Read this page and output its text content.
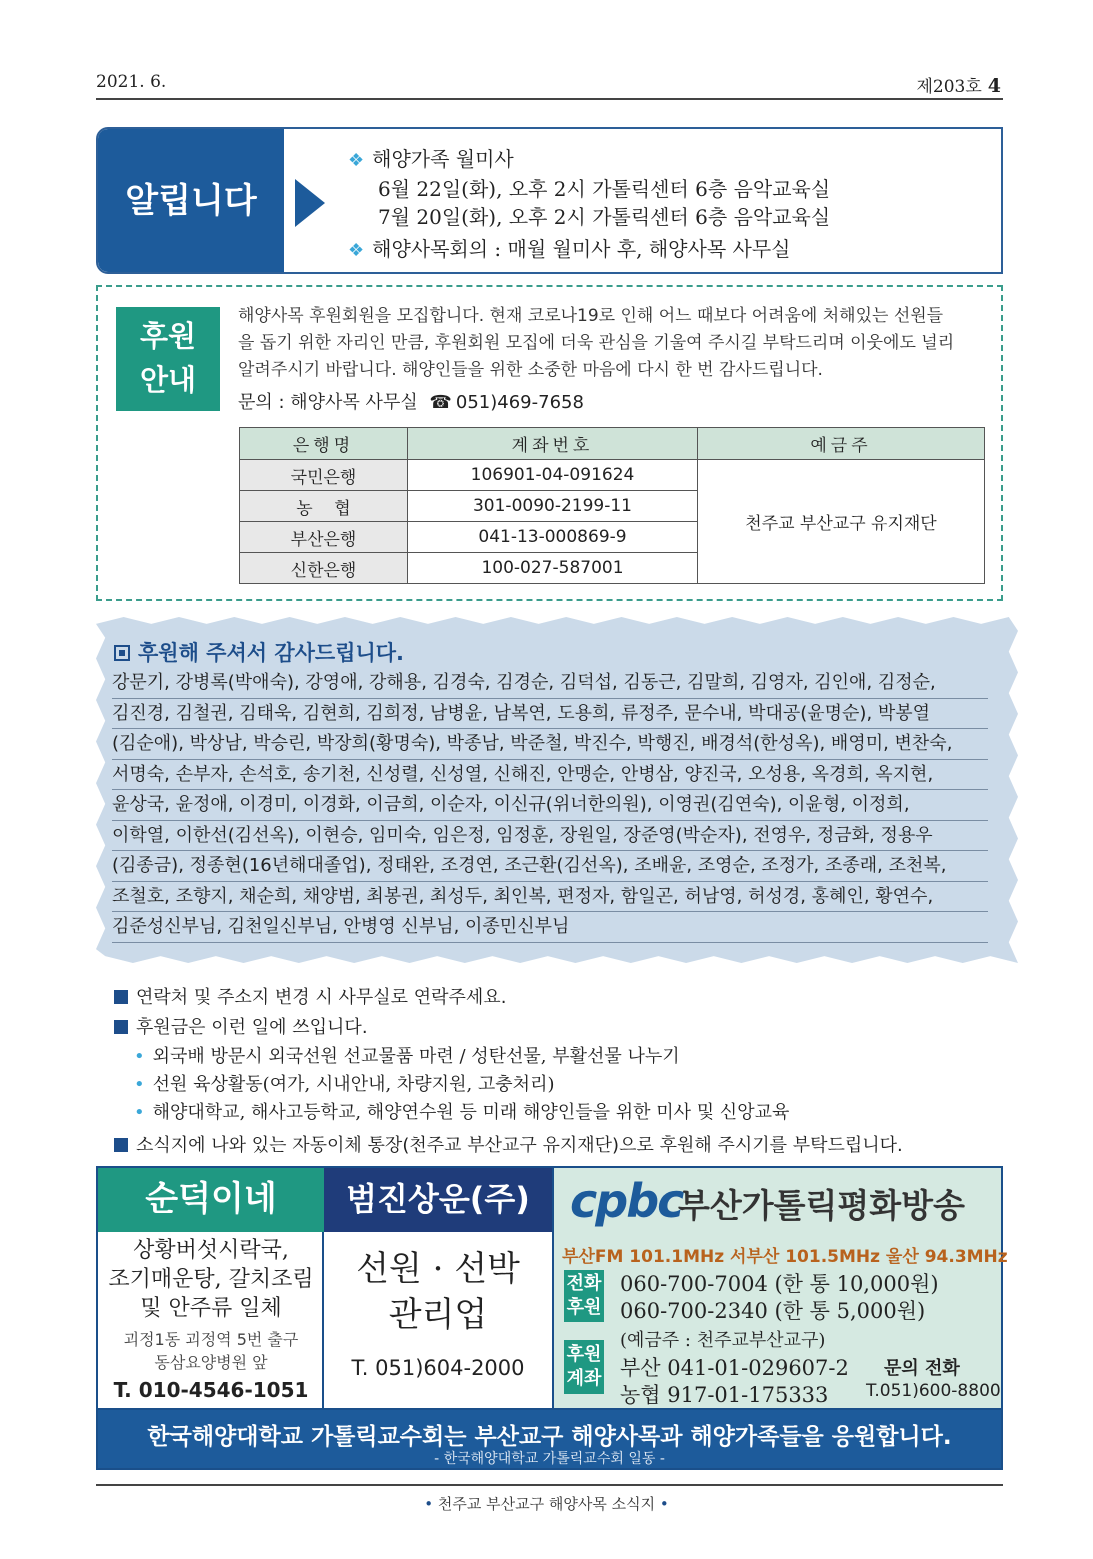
2021. 6.	제203호 4
알립니다
❖ 해양가족 월미사
6월 22일(화), 오후 2시 가톨릭센터 6층 음악교육실
7월 20일(화), 오후 2시 가톨릭센터 6층 음악교육실
❖ 해양사목회의 : 매월 월미사 후, 해양사목 사무실
후원
안내
해양사목 후원회원을 모집합니다. 현재 코로나19로 인해 어느 때보다 어려움에 처해있는 선원들
을 돕기 위한 자리인 만큼, 후원회원 모집에 더욱 관심을 기울여 주시길 부탁드리며 이웃에도 널리
알려주시기 바랍니다. 해양인들을 위한 소중한 마음에 다시 한 번 감사드립니다.
문의 : 해양사목 사무실 ☎ 051)469-7658
은행명	계좌번호	예금주
국민은행	106901-04-091624	천주교 부산교구 유지재단
농    협	301-0090-2199-11	
부산은행	041-13-000869-9	
신한은행	100-027-587001	
후원해 주셔서 감사드립니다.
강문기, 강병록(박애숙), 강영애, 강해용, 김경숙, 김경순, 김덕섭, 김동근, 김말희, 김영자, 김인애, 김정순,
김진경, 김철권, 김태욱, 김현희, 김희정, 남병윤, 남복연, 도용희, 류정주, 문수내, 박대공(윤명순), 박봉열
(김순애), 박상남, 박승린, 박장희(황명숙), 박종남, 박준철, 박진수, 박행진, 배경석(한성옥), 배영미, 변찬숙,
서명숙, 손부자, 손석호, 송기천, 신성렬, 신성열, 신해진, 안맹순, 안병삼, 양진국, 오성용, 옥경희, 옥지현,
윤상국, 윤정애, 이경미, 이경화, 이금희, 이순자, 이신규(위너한의원), 이영권(김연숙), 이윤형, 이정희,
이학열, 이한선(김선옥), 이현승, 임미숙, 임은정, 임정훈, 장원일, 장준영(박순자), 전영우, 정금화, 정용우
(김종금), 정종현(16년해대졸업), 정태완, 조경연, 조근환(김선옥), 조배윤, 조영순, 조정가, 조종래, 조천복,
조철호, 조향지, 채순희, 채양범, 최봉권, 최성두, 최인복, 편정자, 함일곤, 허남영, 허성경, 홍혜인, 황연수,
김준성신부님, 김천일신부님, 안병영 신부님, 이종민신부님
연락처 및 주소지 변경 시 사무실로 연락주세요.
후원금은 이런 일에 쓰입니다.
• 외국배 방문시 외국선원 선교물품 마련 / 성탄선물, 부활선물 나누기
• 선원 육상활동(여가, 시내안내, 차량지원, 고충처리)
• 해양대학교, 해사고등학교, 해양연수원 등 미래 해양인들을 위한 미사 및 신앙교육
소식지에 나와 있는 자동이체 통장(천주교 부산교구 유지재단)으로 후원해 주시기를 부탁드립니다.
순덕이네
상황버섯시락국,
조기매운탕, 갈치조림
및 안주류 일체
괴정1동 괴정역 5번 출구
동삼요양병원 앞
T. 010-4546-1051
범진상운(주)
선원 · 선박
관리업
T. 051)604-2000
cpbc
부산가톨릭평화방송
부산FM 101.1MHz 서부산 101.5MHz 울산 94.3MHz
전화
후원
060-700-7004 (한 통 10,000원)
060-700-2340 (한 통 5,000원)
후원
계좌
(예금주 : 천주교부산교구)
부산 041-01-029607-2
농협 917-01-175333
문의 전화
T.051)600-8800
한국해양대학교 가톨릭교수회는 부산교구 해양사목과 해양가족들을 응원합니다.
- 한국해양대학교 가톨릭교수회 일동 -
• 천주교 부산교구 해양사목 소식지 •
